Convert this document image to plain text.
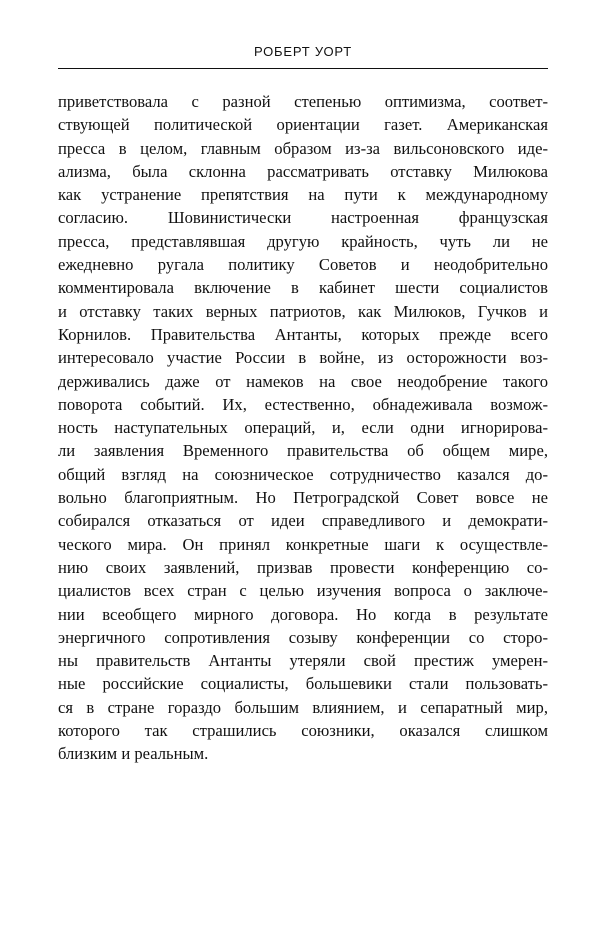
РОБЕРТ УОРТ
приветствовала с разной степенью оптимизма, соответ-
ствующей политической ориентации газет. Американская
пресса в целом, главным образом из-за вильсоновского иде-
ализма, была склонна рассматривать отставку Милюкова
как устранение препятствия на пути к международному
согласию. Шовинистически настроенная французская
пресса, представлявшая другую крайность, чуть ли не
ежедневно ругала политику Советов и неодобрительно
комментировала включение в кабинет шести социалистов
и отставку таких верных патриотов, как Милюков, Гучков и
Корнилов. Правительства Антанты, которых прежде всего
интересовало участие России в войне, из осторожности воз-
держивались даже от намеков на свое неодобрение такого
поворота событий. Их, естественно, обнадеживала возмож-
ность наступательных операций, и, если одни игнорирова-
ли заявления Временного правительства об общем мире,
общий взгляд на союзническое сотрудничество казался до-
вольно благоприятным. Но Петроградской Совет вовсе не
собирался отказаться от идеи справедливого и демократи-
ческого мира. Он принял конкретные шаги к осуществле-
нию своих заявлений, призвав провести конференцию со-
циалистов всех стран с целью изучения вопроса о заключе-
нии всеобщего мирного договора. Но когда в результате
энергичного сопротивления созыву конференции со сторо-
ны правительств Антанты утеряли свой престиж умерен-
ные российские социалисты, большевики стали пользовать-
ся в стране гораздо большим влиянием, и сепаратный мир,
которого так страшились союзники, оказался слишком
близким и реальным.
